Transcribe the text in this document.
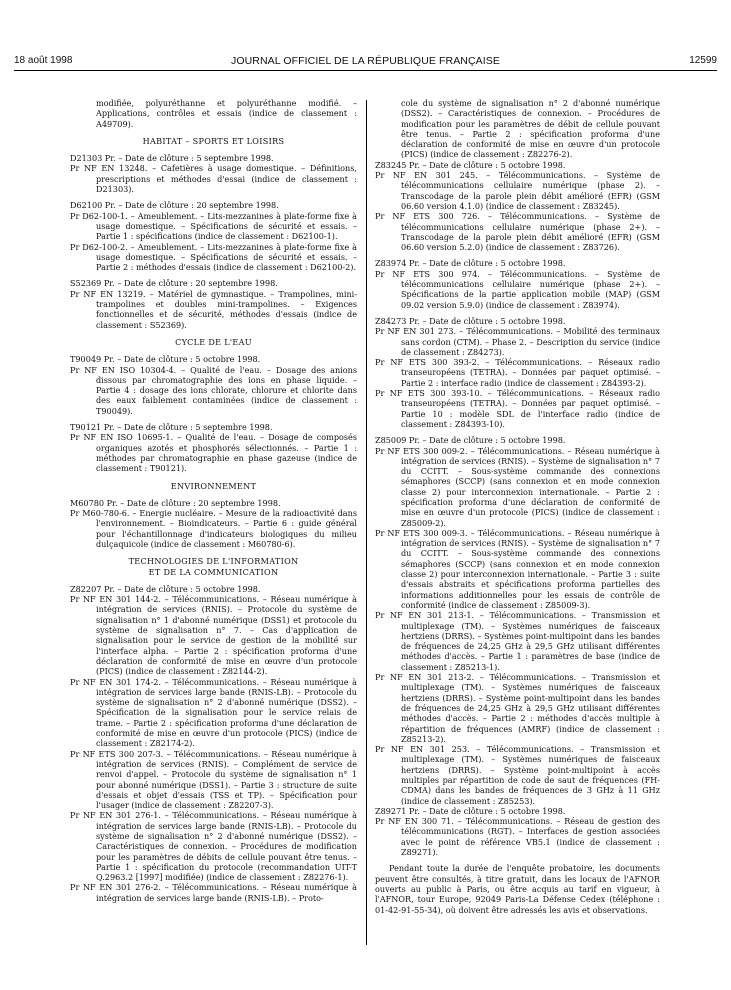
18 août 1998	JOURNAL OFFICIEL DE LA RÉPUBLIQUE FRANÇAISE	12599

modifiée, polyuréthanne et polyuréthanne modifié. – Applications, contrôles et essais (indice de classement : A49709).

HABITAT – SPORTS ET LOISIRS

D21303 Pr. – Date de clôture : 5 septembre 1998.

Pr NF EN 13248. – Cafetières à usage domestique. – Définitions, prescriptions et méthodes d'essai (indice de classement : D21303).

D62100 Pr. – Date de clôture : 20 septembre 1998.

Pr D62-100-1. – Ameublement. – Lits-mezzanines à plate-forme fixe à usage domestique. – Spécifications de sécurité et essais. – Partie 1 : spécifications (indice de classement : D62100-1).

Pr D62-100-2. – Ameublement. – Lits-mezzanines à plate-forme fixe à usage domestique. – Spécifications de sécurité et essais. – Partie 2 : méthodes d'essais (indice de classement : D62100-2).

S52369 Pr. – Date de clôture : 20 septembre 1998.

Pr NF EN 13219. – Matériel de gymnastique. – Trampolines, mini-trampolines et doubles mini-trampolines. – Exigences fonctionnelles et de sécurité, méthodes d'essais (indice de classement : S52369).

CYCLE DE L'EAU

T90049 Pr. – Date de clôture : 5 octobre 1998.

Pr NF EN ISO 10304-4. – Qualité de l'eau. – Dosage des anions dissous par chromatographie des ions en phase liquide. – Partie 4 : dosage des ions chlorate, chlorure et chlorite dans des eaux faiblement contaminées (indice de classement : T90049).

T90121 Pr. – Date de clôture : 5 septembre 1998.

Pr NF EN ISO 10695-1. – Qualité de l'eau. – Dosage de composés organiques azotés et phosphorés sélectionnés. – Partie 1 : méthodes par chromatographie en phase gazeuse (indice de classement : T90121).

ENVIRONNEMENT

M60780 Pr. – Date de clôture : 20 septembre 1998.

Pr M60-780-6. – Energie nucléaire. – Mesure de la radioactivité dans l'environnement. – Bioindicateurs. – Partie 6 : guide général pour l'échantillonnage d'indicateurs biologiques du milieu dulçaquicole (indice de classement : M60780-6).

TECHNOLOGIES DE L'INFORMATION
ET DE LA COMMUNICATION

Z82207 Pr. – Date de clôture : 5 octobre 1998.

Pr NF EN 301 144-2. – Télécommunications. – Réseau numérique à intégration de services (RNIS). – Protocole du système de signalisation n° 1 d'abonné numérique (DSS1) et protocole du système de signalisation n° 7. – Cas d'application de signalisation pour le service de gestion de la mobilité sur l'interface alpha. – Partie 2 : spécification proforma d'une déclaration de conformité de mise en œuvre d'un protocole (PICS) (indice de classement : Z82144-2).

Pr NF EN 301 174-2. – Télécommunications. – Réseau numérique à intégration de services large bande (RNIS-LB). – Protocole du système de signalisation n° 2 d'abonné numérique (DSS2). – Spécification de la signalisation pour le service relais de trame. – Partie 2 : spécification proforma d'une déclaration de conformité de mise en œuvre d'un protocole (PICS) (indice de classement : Z82174-2).

Pr NF ETS 300 207-3. – Télécommunications. – Réseau numérique à intégration de services (RNIS). – Complément de service de renvoi d'appel. – Protocole du système de signalisation n° 1 pour abonné numérique (DSS1). – Partie 3 : structure de suite d'essais et objet d'essais (TSS et TP). – Spécification pour l'usager (indice de classement : Z82207-3).

Pr NF EN 301 276-1. – Télécommunications. – Réseau numérique à intégration de services large bande (RNIS-LB). – Protocole du système de signalisation n° 2 d'abonné numérique (DSS2). – Caractéristiques de connexion. – Procédures de modification pour les paramètres de débits de cellule pouvant être tenus. – Partie 1 : spécification du protocole (recommandation UIT-T Q.2963.2 [1997] modifiée) (indice de classement : Z82276-1).

Pr NF EN 301 276-2. – Télécommunications. – Réseau numérique à intégration de services large bande (RNIS-LB). – Proto-

cole du système de signalisation n° 2 d'abonné numérique (DSS2). – Caractéristiques de connexion. – Procédures de modification pour les paramètres de débit de cellule pouvant être tenus. – Partie 2 : spécification proforma d'une déclaration de conformité de mise en œuvre d'un protocole (PICS) (indice de classement : Z82276-2).

Z83245 Pr. – Date de clôture : 5 octobre 1998.

Pr NF EN 301 245. – Télécommunications. – Système de télécommunications cellulaire numérique (phase 2). – Transcodage de la parole plein débit amélioré (EFR) (GSM 06.60 version 4.1.0) (indice de classement : Z83245).

Pr NF ETS 300 726. – Télécommunications. – Système de télécommunications cellulaire numérique (phase 2+). – Transcodage de la parole plein débit amélioré (EFR) (GSM 06.60 version 5.2.0) (indice de classement : Z83726).

Z83974 Pr. – Date de clôture : 5 octobre 1998.

Pr NF ETS 300 974. – Télécommunications. – Système de télécommunications cellulaire numérique (phase 2+). – Spécifications de la partie application mobile (MAP) (GSM 09.02 version 5.9.0) (indice de classement : Z83974).

Z84273 Pr. – Date de clôture : 5 octobre 1998.

Pr NF EN 301 273. – Télécommunications. – Mobilité des terminaux sans cordon (CTM). – Phase 2. – Description du service (indice de classement : Z84273).

Pr NF ETS 300 393-2. – Télécommunications. – Réseaux radio transeuropéens (TETRA). – Données par paquet optimisé. – Partie 2 : interface radio (indice de classement : Z84393-2).

Pr NF ETS 300 393-10. – Télécommunications. – Réseaux radio transeuropéens (TETRA). – Données par paquet optimisé. – Partie 10 : modèle SDL de l'interface radio (indice de classement : Z84393-10).

Z85009 Pr. – Date de clôture : 5 octobre 1998.

Pr NF ETS 300 009-2. – Télécommunications. – Réseau numérique à intégration de services (RNIS). – Système de signalisation n° 7 du CCITT. – Sous-système commande des connexions sémaphores (SCCP) (sans connexion et en mode connexion classe 2) pour interconnexion internationale. – Partie 2 : spécification proforma d'une déclaration de conformité de mise en œuvre d'un protocole (PICS) (indice de classement : Z85009-2).

Pr NF ETS 300 009-3. – Télécommunications. – Réseau numérique à intégration de services (RNIS). – Système de signalisation n° 7 du CCITT. – Sous-système commande des connexions sémaphores (SCCP) (sans connexion et en mode connexion classe 2) pour interconnexion internationale. – Partie 3 : suite d'essais abstraits et spécifications proforma partielles des informations additionnelles pour les essais de contrôle de conformité (indice de classement : Z85009-3).

Pr NF EN 301 213-1. – Télécommunications. – Transmission et multiplexage (TM). – Systèmes numériques de faisceaux hertziens (DRRS). – Systèmes point-multipoint dans les bandes de fréquences de 24,25 GHz à 29,5 GHz utilisant différentes méthodes d'accès. – Partie 1 : paramètres de base (indice de classement : Z85213-1).

Pr NF EN 301 213-2. – Télécommunications. – Transmission et multiplexage (TM). – Systèmes numériques de faisceaux hertziens (DRRS). – Système point-multipoint dans les bandes de fréquences de 24,25 GHz à 29,5 GHz utilisant différentes méthodes d'accès. – Partie 2 : méthodes d'accès multiple à répartition de fréquences (AMRF) (indice de classement : Z85213-2).

Pr NF EN 301 253. – Télécommunications. – Transmission et multiplexage (TM). – Systèmes numériques de faisceaux hertziens (DRRS). – Système point-multipoint à accès multiples par répartition de code de saut de fréquences (FH-CDMA) dans les bandes de fréquences de 3 GHz à 11 GHz (indice de classement : Z85253).

Z89271 Pr. – Date de clôture : 5 octobre 1998.

Pr NF EN 300 71. – Télécommunications. – Réseau de gestion des télécommunications (RGT). – Interfaces de gestion associées avec le point de référence VB5.1 (indice de classement : Z89271).

Pendant toute la durée de l'enquête probatoire, les documents peuvent être consultés, à titre gratuit, dans les locaux de l'AFNOR ouverts au public à Paris, ou être acquis au tarif en vigueur, à l'AFNOR, tour Europe, 92049 Paris-La Défense Cedex (téléphone : 01-42-91-55-34), où doivent être adressés les avis et observations.
